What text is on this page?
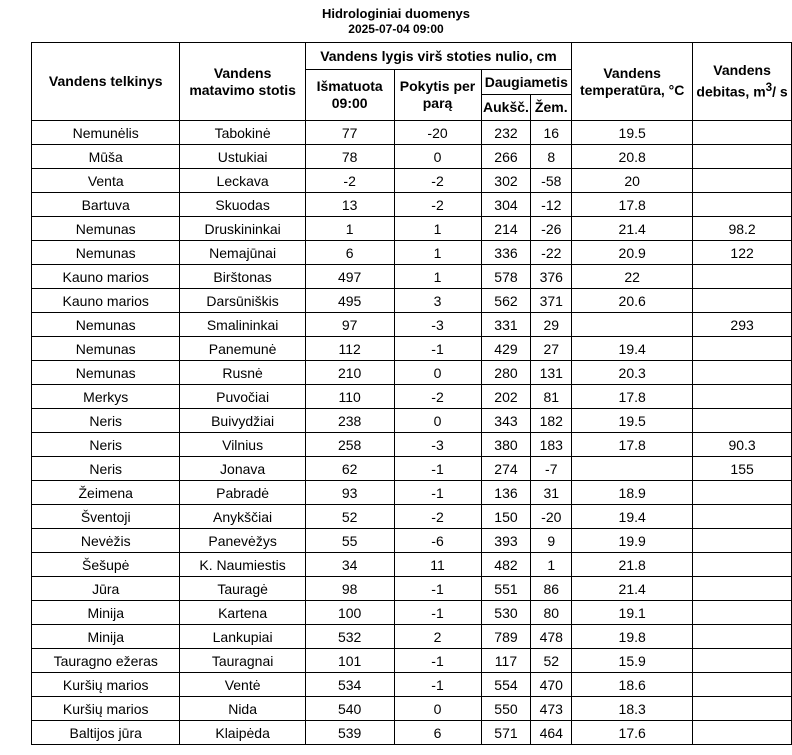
Hidrologiniai duomenys
2025-07-04 09:00
Vandens telkinys	Vandens matavimo stotis	Vandens lygis virš stoties nulio, cm				Vandens temperatūra, °C	Vandens debitas, $m^3/$ s
		Išmatuota 09:00	Pokytis per parą	Daugiametis			
				Aukšč.	Žem.		
Nemunėlis	Tabokinė	77	-20	232	16	19.5	
Mūša	Ustukiai	78	0	266	8	20.8	
Venta	Leckava	-2	-2	302	-58	20	
Bartuva	Skuodas	13	-2	304	-12	17.8	
Nemunas	Druskininkai	1	1	214	-26	21.4	98.2
Nemunas	Nemajūnai	6	1	336	-22	20.9	122
Kauno marios	Birštonas	497	1	578	376	22	
Kauno marios	Darsūniškis	495	3	562	371	20.6	
Nemunas	Smalininkai	97	-3	331	29		293
Nemunas	Panemunė	112	-1	429	27	19.4	
Nemunas	Rusnė	210	0	280	131	20.3	
Merkys	Puvočiai	110	-2	202	81	17.8	
Neris	Buivydžiai	238	0	343	182	19.5	
Neris	Vilnius	258	-3	380	183	17.8	90.3
Neris	Jonava	62	-1	274	-7		155
Žeimena	Pabradė	93	-1	136	31	18.9	
Šventoji	Anykščiai	52	-2	150	-20	19.4	
Nevėžis	Panevėžys	55	-6	393	9	19.9	
Šešupė	K. Naumiestis	34	11	482	1	21.8	
Jūra	Tauragė	98	-1	551	86	21.4	
Minija	Kartena	100	-1	530	80	19.1	
Minija	Lankupiai	532	2	789	478	19.8	
Tauragno ežeras	Tauragnai	101	-1	117	52	15.9	
Kuršių marios	Ventė	534	-1	554	470	18.6	
Kuršių marios	Nida	540	0	550	473	18.3	
Baltijos jūra	Klaipėda	539	6	571	464	17.6	
